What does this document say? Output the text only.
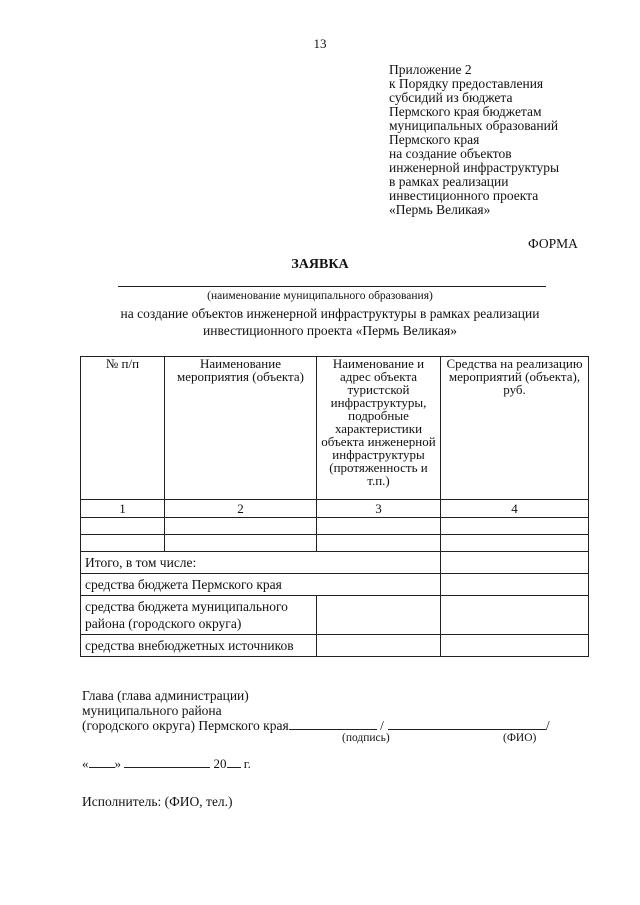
13
Приложение 2
к Порядку предоставления
субсидий из бюджета
Пермского края бюджетам
муниципальных образований
Пермского края
на создание объектов
инженерной инфраструктуры
в рамках реализации
инвестиционного проекта
«Пермь Великая»
ФОРМА
ЗАЯВКА
(наименование муниципального образования)
на создание объектов инженерной инфраструктуры в рамках реализации
инвестиционного проекта «Пермь Великая»
№ п/п	Наименование мероприятия (объекта)	Наименование и адрес объекта туристской инфраструктуры, подробные характеристики объекта инженерной инфраструктуры (протяженность и т.п.)	Средства на реализацию мероприятий (объекта), руб.
1	2	3	4

Итого, в том числе:			
средства бюджета Пермского края			
средства бюджета муниципального района (городского округа)			
средства внебюджетных источников			
Глава (глава администрации)
муниципального района
(городского округа) Пермского края	/	/
(подпись)	(ФИО)
« »	20 г.
Исполнитель: (ФИО, тел.)
